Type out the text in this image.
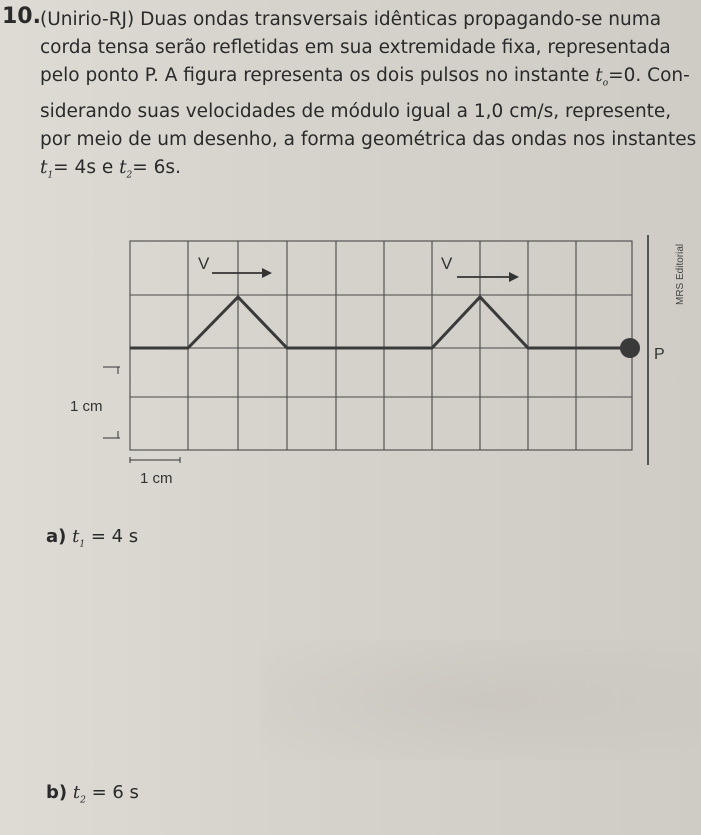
10. (Unirio-RJ) Duas ondas transversais idênticas propagando-se numa
corda tensa serão refletidas em sua extremidade fixa, representada
pelo ponto P. A figura representa os dois pulsos no instante $t_o=0$. Con-
siderando suas velocidades de módulo igual a 1,0 cm/s, represente,
por meio de um desenho, a forma geométrica das ondas nos instantes
$t_1= 4s$ e $t_2= 6s$.

P
V	V
1 cm
1 cm
MRS Editorial
a) $t_1 = 4$ s
b) $t_2 = 6$ s
